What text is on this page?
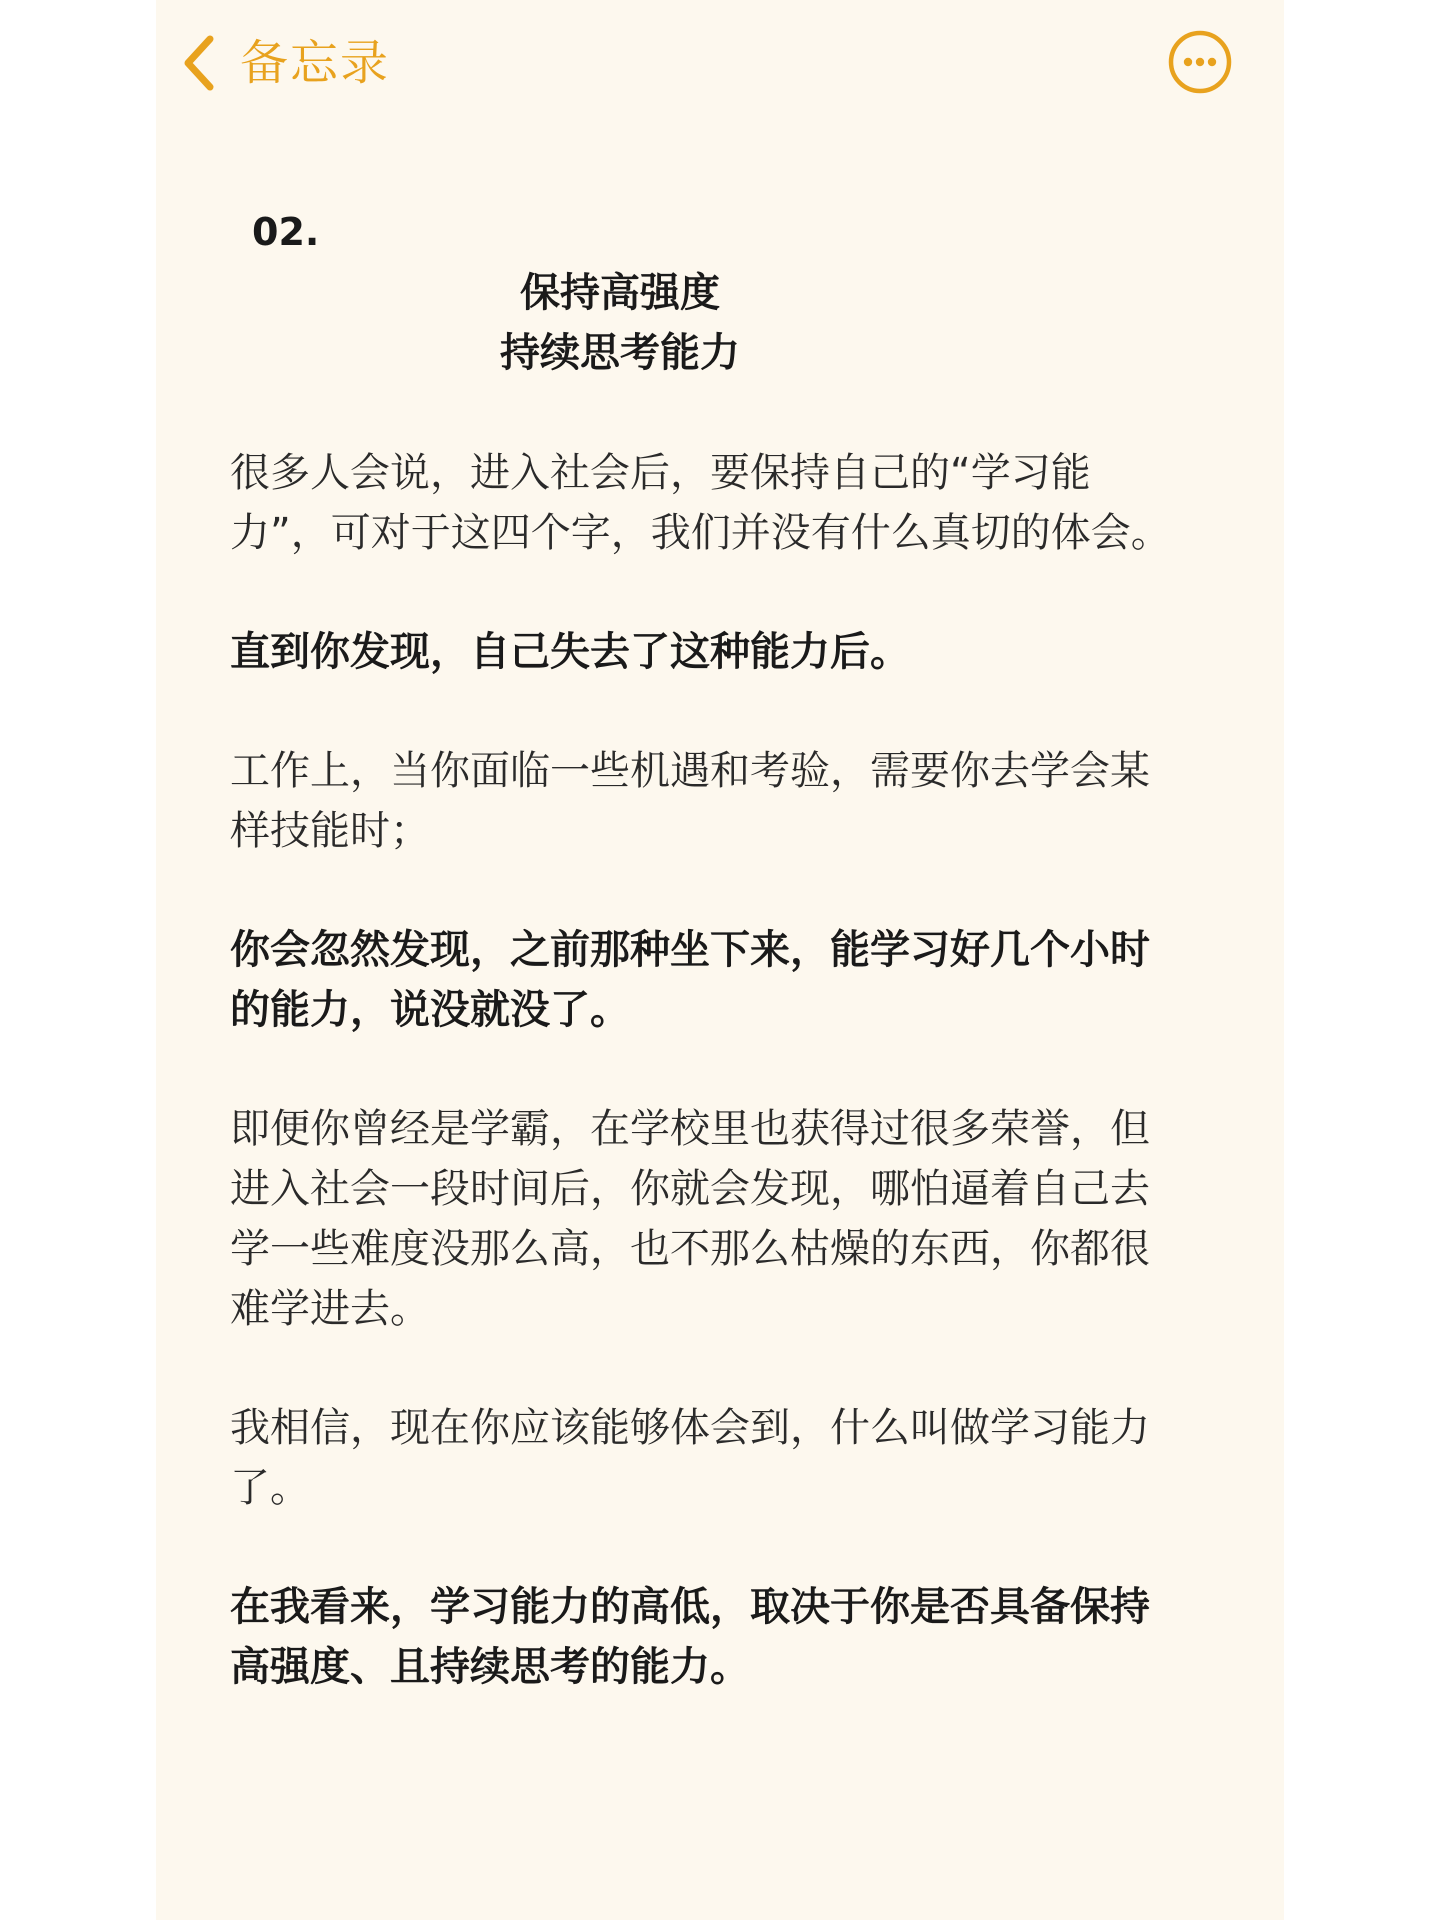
备忘录
02.
保持高强度
持续思考能力

很多人会说，进入社会后，要保持自己的“学习能
力”，可对于这四个字，我们并没有什么真切的体会。

直到你发现，自己失去了这种能力后。

工作上，当你面临一些机遇和考验，需要你去学会某
样技能时；

你会忽然发现，之前那种坐下来，能学习好几个小时
的能力，说没就没了。

即便你曾经是学霸，在学校里也获得过很多荣誉，但
进入社会一段时间后，你就会发现，哪怕逼着自己去
学一些难度没那么高，也不那么枯燥的东西，你都很
难学进去。

我相信，现在你应该能够体会到，什么叫做学习能力
了。

在我看来，学习能力的高低，取决于你是否具备保持
高强度、且持续思考的能力。
